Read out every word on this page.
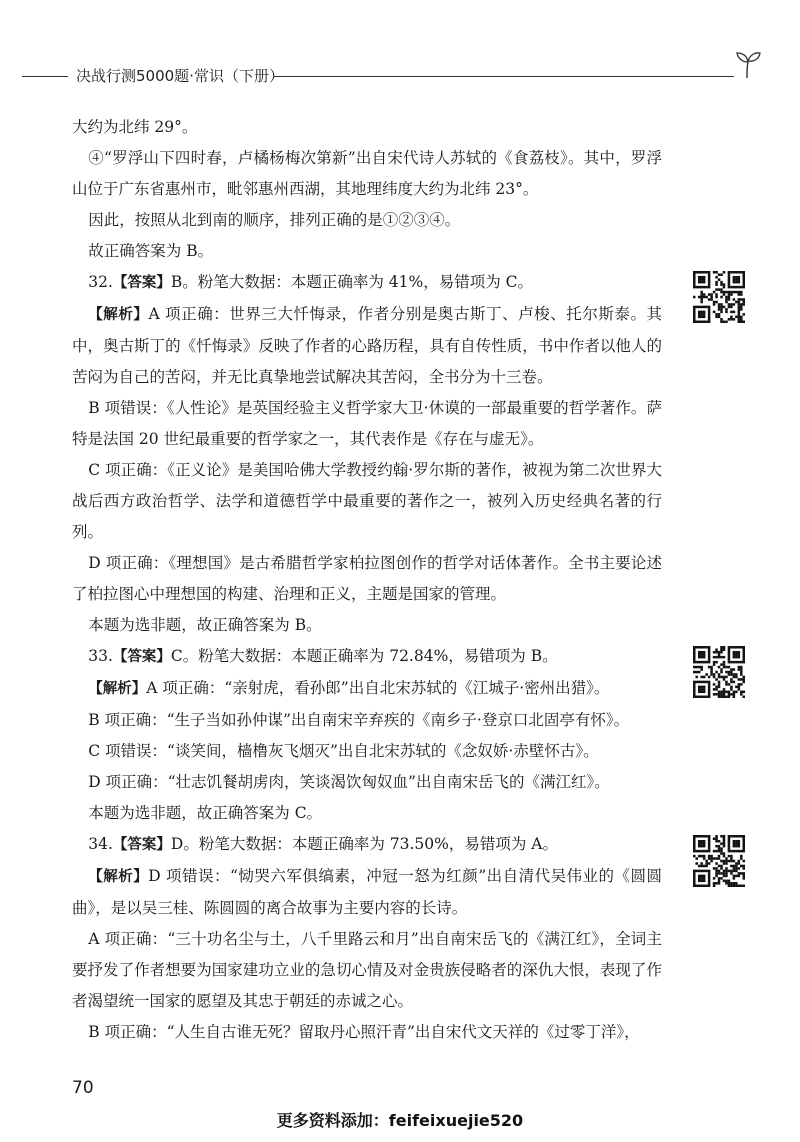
决战行测5000题·常识（下册）

大约为北纬 29°。

④“罗浮山下四时春，卢橘杨梅次第新”出自宋代诗人苏轼的《食荔枝》。其中，罗浮山位于广东省惠州市，毗邻惠州西湖，其地理纬度大约为北纬 23°。

因此，按照从北到南的顺序，排列正确的是①②③④。

故正确答案为 B。

32.【答案】B。粉笔大数据：本题正确率为 41%，易错项为 C。

【解析】A 项正确：世界三大忏悔录，作者分别是奥古斯丁、卢梭、托尔斯泰。其中，奥古斯丁的《忏悔录》反映了作者的心路历程，具有自传性质，书中作者以他人的苦闷为自己的苦闷，并无比真挚地尝试解决其苦闷，全书分为十三卷。

B 项错误：《人性论》是英国经验主义哲学家大卫·休谟的一部最重要的哲学著作。萨特是法国 20 世纪最重要的哲学家之一，其代表作是《存在与虚无》。

C 项正确：《正义论》是美国哈佛大学教授约翰·罗尔斯的著作，被视为第二次世界大战后西方政治哲学、法学和道德哲学中最重要的著作之一，被列入历史经典名著的行列。

D 项正确：《理想国》是古希腊哲学家柏拉图创作的哲学对话体著作。全书主要论述了柏拉图心中理想国的构建、治理和正义，主题是国家的管理。

本题为选非题，故正确答案为 B。

33.【答案】C。粉笔大数据：本题正确率为 72.84%，易错项为 B。

【解析】A 项正确：“亲射虎，看孙郎”出自北宋苏轼的《江城子·密州出猎》。

B 项正确：“生子当如孙仲谋”出自南宋辛弃疾的《南乡子·登京口北固亭有怀》。

C 项错误：“谈笑间，樯橹灰飞烟灭”出自北宋苏轼的《念奴娇·赤壁怀古》。

D 项正确：“壮志饥餐胡虏肉，笑谈渴饮匈奴血”出自南宋岳飞的《满江红》。

本题为选非题，故正确答案为 C。

34.【答案】D。粉笔大数据：本题正确率为 73.50%，易错项为 A。

【解析】D 项错误：“恸哭六军俱缟素，冲冠一怒为红颜”出自清代吴伟业的《圆圆曲》，是以吴三桂、陈圆圆的离合故事为主要内容的长诗。

A 项正确：“三十功名尘与土，八千里路云和月”出自南宋岳飞的《满江红》，全词主要抒发了作者想要为国家建功立业的急切心情及对金贵族侵略者的深仇大恨，表现了作者渴望统一国家的愿望及其忠于朝廷的赤诚之心。

B 项正确：“人生自古谁无死？留取丹心照汗青”出自宋代文天祥的《过零丁洋》，

70
更多资料添加：feifeixuejie520
